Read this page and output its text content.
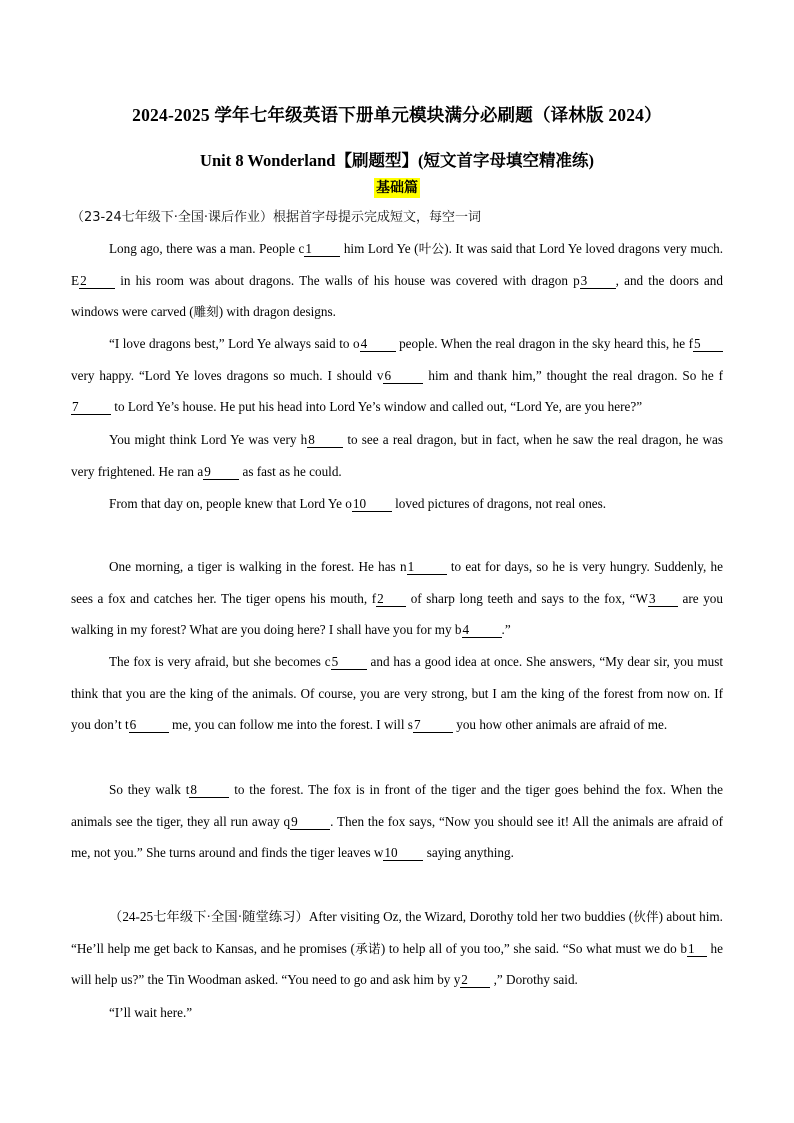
2024-2025 学年七年级英语下册单元模块满分必刷题（译林版 2024）
Unit 8 Wonderland【刷题型】(短文首字母填空精准练)
基础篇
（23-24七年级下·全国·课后作业）根据首字母提示完成短文，每空一词
Long ago, there was a man. People c1 him Lord Ye (叶公). It was said that Lord Ye loved dragons very much. E2 in his room was about dragons. The walls of his house was covered with dragon p3 , and the doors and windows were carved (雕刻) with dragon designs.
“I love dragons best,” Lord Ye always said to o4 people. When the real dragon in the sky heard this, he f5 very happy. “Lord Ye loves dragons so much. I should v6 him and thank him,” thought the real dragon. So he f7 to Lord Ye’s house. He put his head into Lord Ye’s window and called out, “Lord Ye, are you here?”
You might think Lord Ye was very h8 to see a real dragon, but in fact, when he saw the real dragon, he was very frightened. He ran a9 as fast as he could.
From that day on, people knew that Lord Ye o10 loved pictures of dragons, not real ones.
One morning, a tiger is walking in the forest. He has n1 to eat for days, so he is very hungry. Suddenly, he sees a fox and catches her. The tiger opens his mouth, f2 of sharp long teeth and says to the fox, “W3 are you walking in my forest? What are you doing here? I shall have you for my b4 .”
The fox is very afraid, but she becomes c5 and has a good idea at once. She answers, “My dear sir, you must think that you are the king of the animals. Of course, you are very strong, but I am the king of the forest from now on. If you don’t t6 me, you can follow me into the forest. I will s7 you how other animals are afraid of me.
So they walk t8 to the forest. The fox is in front of the tiger and the tiger goes behind the fox. When the animals see the tiger, they all run away q9 . Then the fox says, “Now you should see it! All the animals are afraid of me, not you.” She turns around and finds the tiger leaves w10 saying anything.
（24-25七年级下·全国·随堂练习）After visiting Oz, the Wizard, Dorothy told her two buddies (伙伴) about him. “He’ll help me get back to Kansas, and he promises (承诺) to help all of you too,” she said. “So what must we do b1 he will help us?” the Tin Woodman asked. “You need to go and ask him by y2 ,” Dorothy said.
“I’ll wait here.”
